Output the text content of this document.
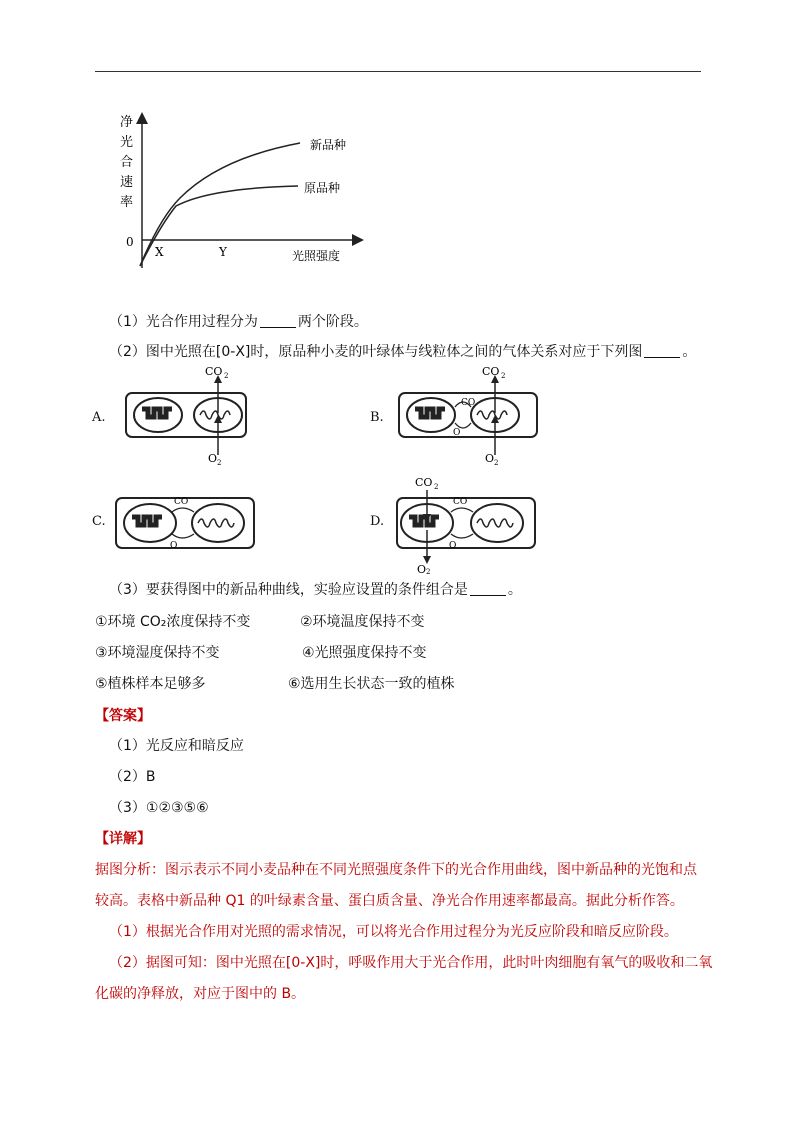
净
光
合
速
率
0
X	Y	光照强度
新品种
原品种
（1）光合作用过程分为	两个阶段。
（2）图中光照在[0-X]时，原品种小麦的叶绿体与线粒体之间的气体关系对应于下列图	。
A.
CO 2
O 2
B.
CO
O
CO 2
O 2
C.
CO
O
D.
CO 2
O 2
CO
O
（3）要获得图中的新品种曲线，实验应设置的条件组合是	。
①环境 CO₂浓度保持不变	②环境温度保持不变
③环境湿度保持不变	④光照强度保持不变
⑤植株样本足够多	⑥选用生长状态一致的植株
【答案】
（1）光反应和暗反应
（2）B
（3）①②③⑤⑥
【详解】
据图分析：图示表示不同小麦品种在不同光照强度条件下的光合作用曲线，图中新品种的光饱和点
较高。表格中新品种 Q1 的叶绿素含量、蛋白质含量、净光合作用速率都最高。据此分析作答。
（1）根据光合作用对光照的需求情况，可以将光合作用过程分为光反应阶段和暗反应阶段。
（2）据图可知：图中光照在[0-X]时，呼吸作用大于光合作用，此时叶肉细胞有氧气的吸收和二氧
化碳的净释放，对应于图中的 B。
